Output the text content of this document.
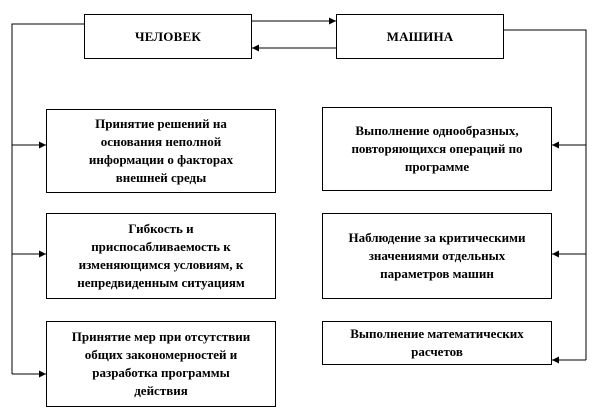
ЧЕЛОВЕК	МАШИНА
Принятие решений на
основания неполной
информации о факторах
внешней среды
Гибкость и
приспосабливаемость к
изменяющимся условиям, к
непредвиденным ситуациям
Принятие мер при отсутствии
общих закономерностей и
разработка программы
действия
Выполнение однообразных,
повторяющихся операций по
программе
Наблюдение за критическими
значениями отдельных
параметров машин
Выполнение математических
расчетов
